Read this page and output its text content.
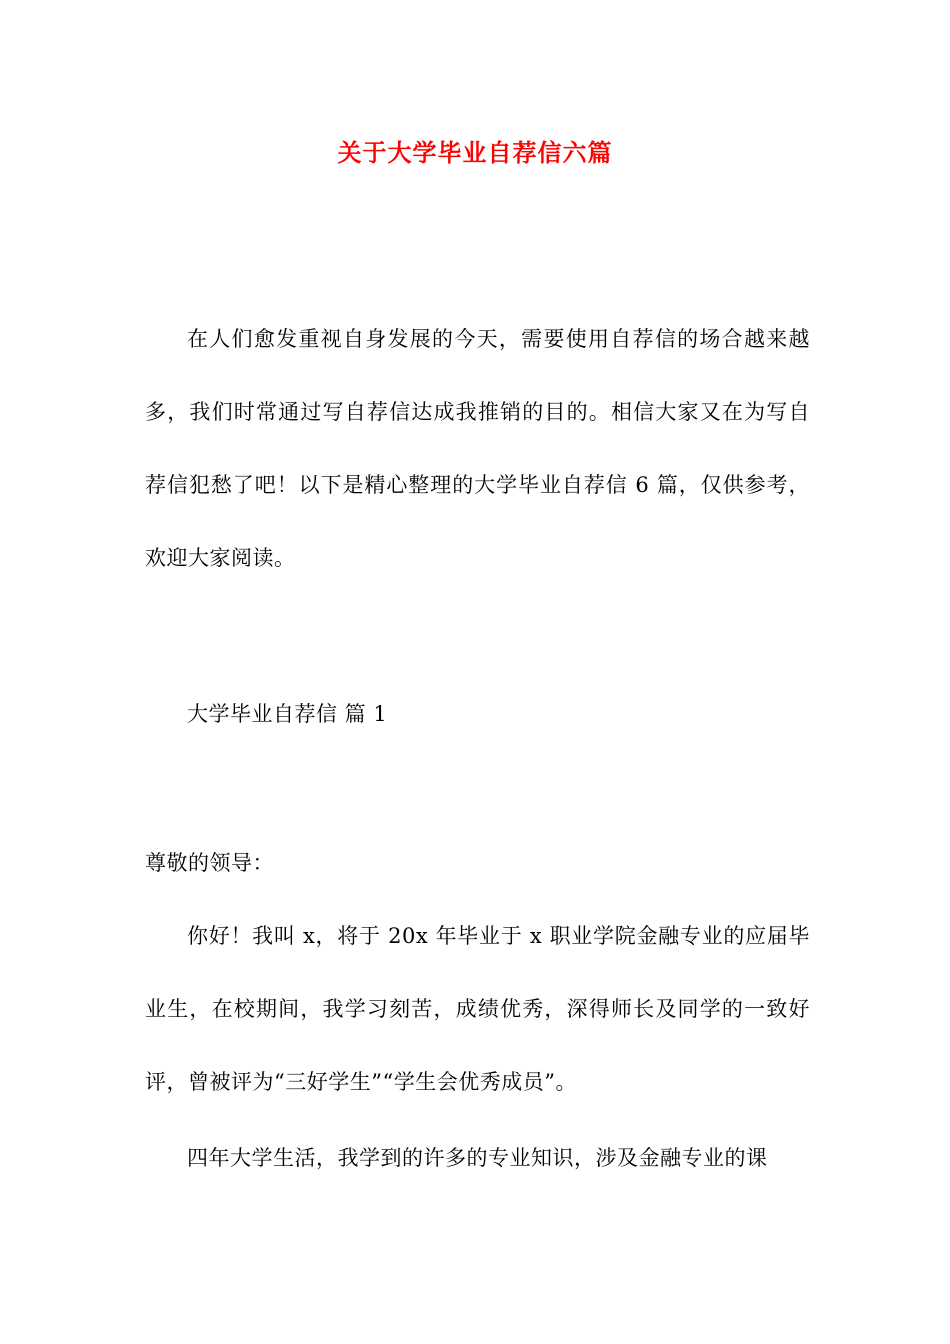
关于大学毕业自荐信六篇

在人们愈发重视自身发展的今天，需要使用自荐信的场合越来越多，我们时常通过写自荐信达成我推销的目的。相信大家又在为写自荐信犯愁了吧！以下是精心整理的大学毕业自荐信 6 篇，仅供参考，欢迎大家阅读。

大学毕业自荐信 篇 1

尊敬的领导：

你好！我叫 x，将于 20x 年毕业于 x 职业学院金融专业的应届毕业生，在校期间，我学习刻苦，成绩优秀，深得师长及同学的一致好评，曾被评为“三好学生”“学生会优秀成员”。

四年大学生活，我学到的许多的专业知识，涉及金融专业的课
